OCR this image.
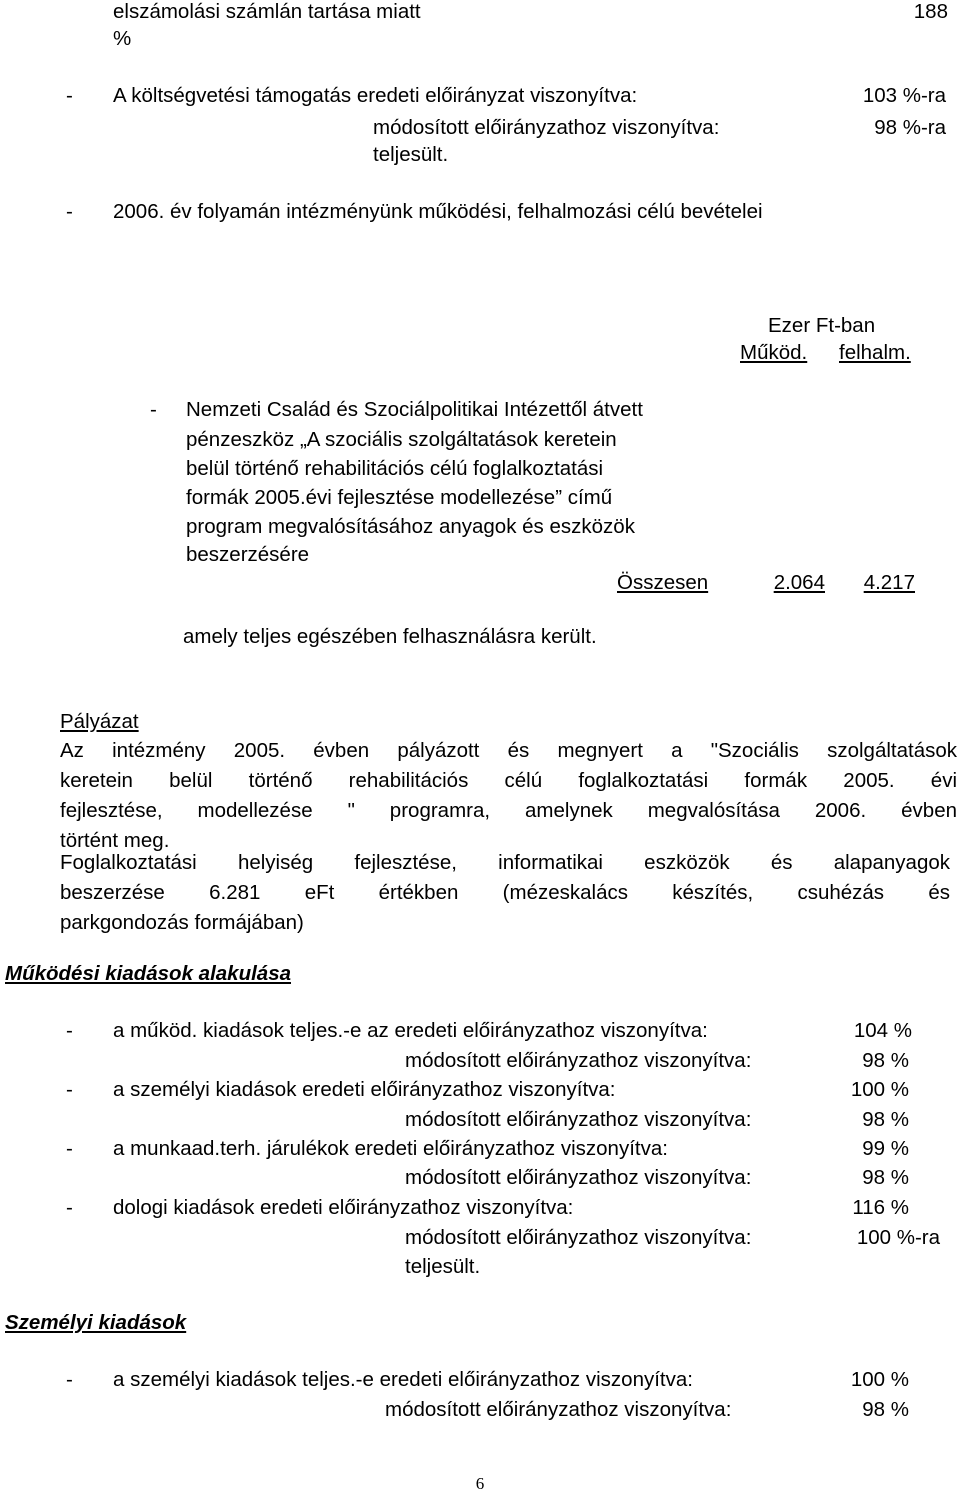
elszámolási számlán tartása miatt	188
%
- A költségvetési támogatás eredeti előirányzat viszonyítva:	103 %-ra
módosított előirányzathoz viszonyítva:	98 %-ra
teljesült.
- 2006. év folyamán intézményünk működési, felhalmozási célú bevételei
Ezer Ft-ban
Működ. felhalm.
- Nemzeti Család és Szociálpolitikai Intézettől átvett
pénzeszköz „A szociális szolgáltatások keretein
belül történő rehabilitációs célú foglalkoztatási
formák 2005.évi fejlesztése modellezése” című
program megvalósításához anyagok és eszközök
beszerzésére
Összesen	2.064	4.217
amely teljes egészében felhasználásra került.
Pályázat
Az intézmény 2005. évben pályázott és megnyert a "Szociális szolgáltatások
keretein belül történő rehabilitációs célú foglalkoztatási formák 2005. évi
fejlesztése, modellezése " programra, amelynek megvalósítása 2006. évben
történt meg.
Foglalkoztatási helyiség fejlesztése, informatikai eszközök és alapanyagok
beszerzése 6.281 eFt értékben (mézeskalács készítés, csuhézás és
parkgondozás formájában)
Működési kiadások alakulása
- a működ. kiadások teljes.-e az eredeti előirányzathoz viszonyítva:	104 %
módosított előirányzathoz viszonyítva:	98 %
- a személyi kiadások eredeti előirányzathoz viszonyítva:	100 %
módosított előirányzathoz viszonyítva:	98 %
- a munkaad.terh. járulékok eredeti előirányzathoz viszonyítva:	99 %
módosított előirányzathoz viszonyítva:	98 %
- dologi kiadások eredeti előirányzathoz viszonyítva:	116 %
módosított előirányzathoz viszonyítva:	100 %-ra
teljesült.
Személyi kiadások
- a személyi kiadások teljes.-e eredeti előirányzathoz viszonyítva:	100 %
módosított előirányzathoz viszonyítva:	98 %
6
